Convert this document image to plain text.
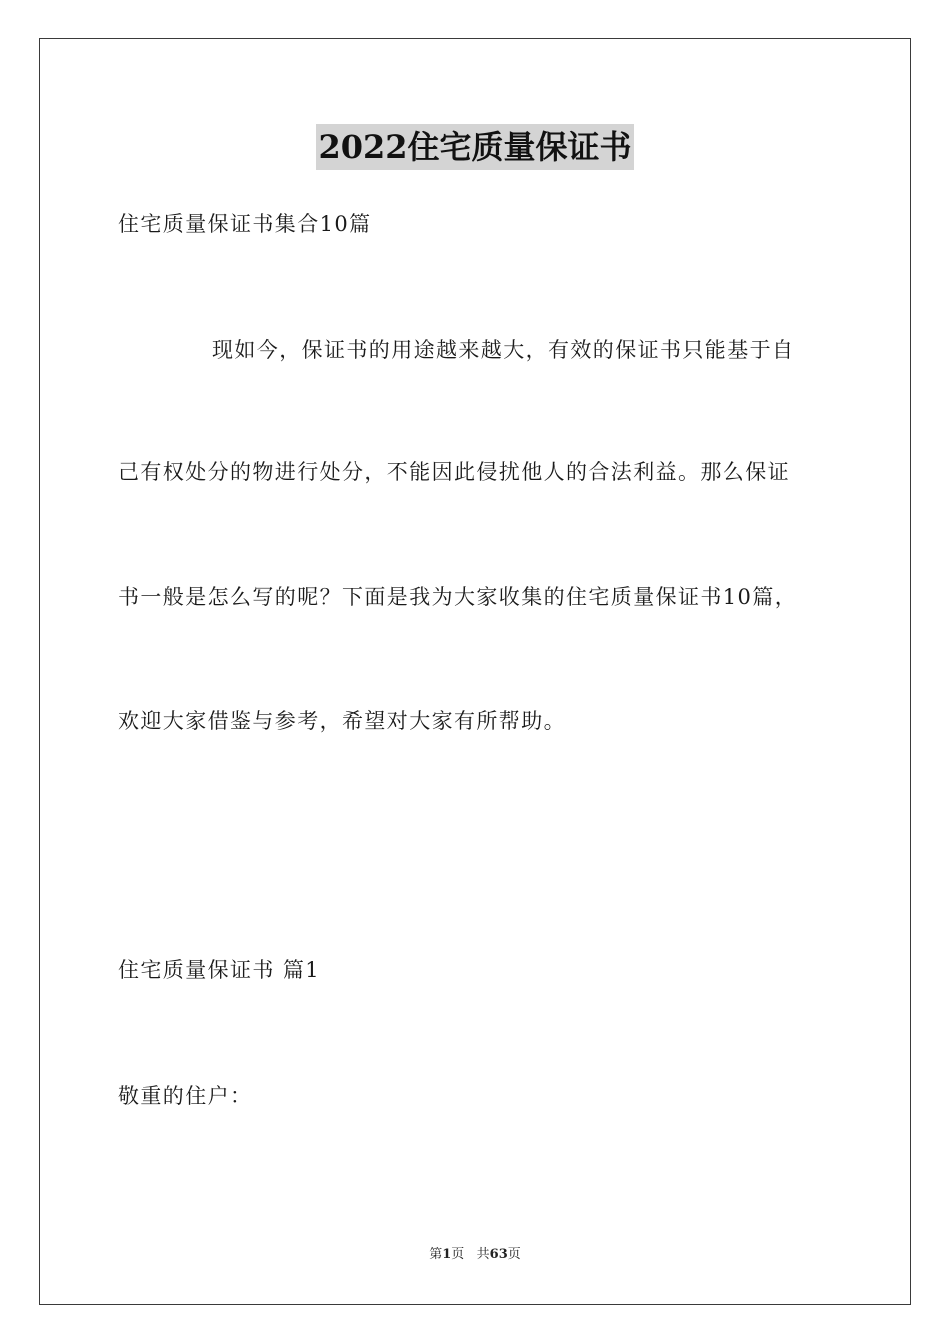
2022住宅质量保证书
住宅质量保证书集合10篇
现如今，保证书的用途越来越大，有效的保证书只能基于自
己有权处分的物进行处分，不能因此侵扰他人的合法利益。那么保证
书一般是怎么写的呢？下面是我为大家收集的住宅质量保证书10篇，
欢迎大家借鉴与参考，希望对大家有所帮助。
住宅质量保证书 篇1
敬重的住户：
第1页   共63页
